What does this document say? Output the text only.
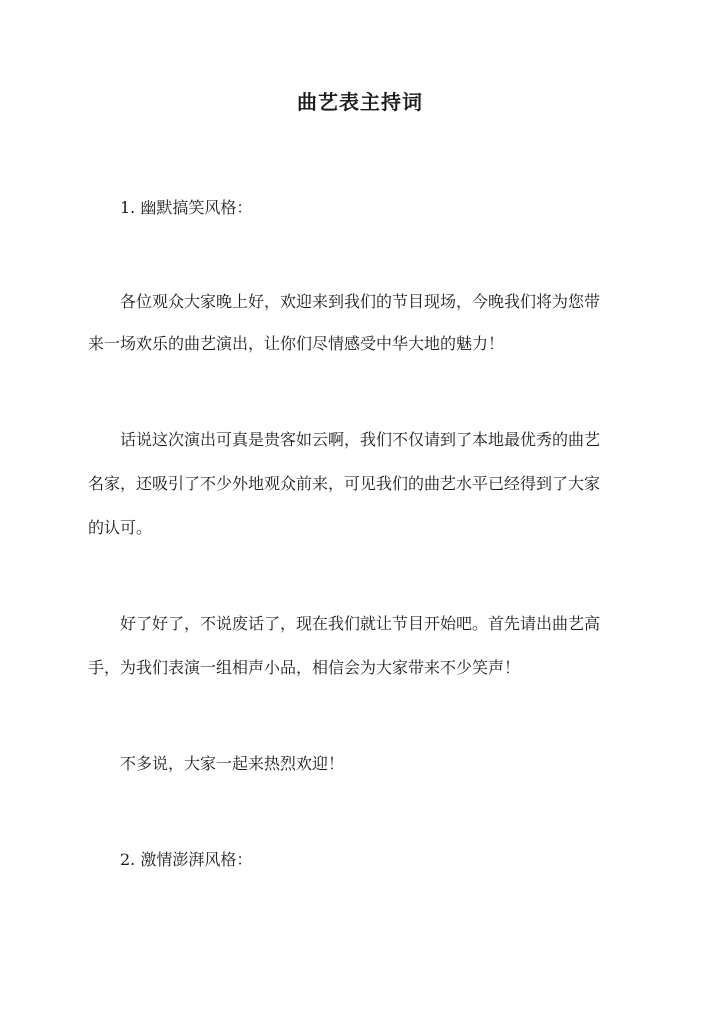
曲艺表主持词
1. 幽默搞笑风格：
各位观众大家晚上好，欢迎来到我们的节目现场，今晚我们将为您带
来一场欢乐的曲艺演出，让你们尽情感受中华大地的魅力！
话说这次演出可真是贵客如云啊，我们不仅请到了本地最优秀的曲艺
名家，还吸引了不少外地观众前来，可见我们的曲艺水平已经得到了大家
的认可。
好了好了，不说废话了，现在我们就让节目开始吧。首先请出曲艺高
手，为我们表演一组相声小品，相信会为大家带来不少笑声！
不多说，大家一起来热烈欢迎！
2. 激情澎湃风格：
